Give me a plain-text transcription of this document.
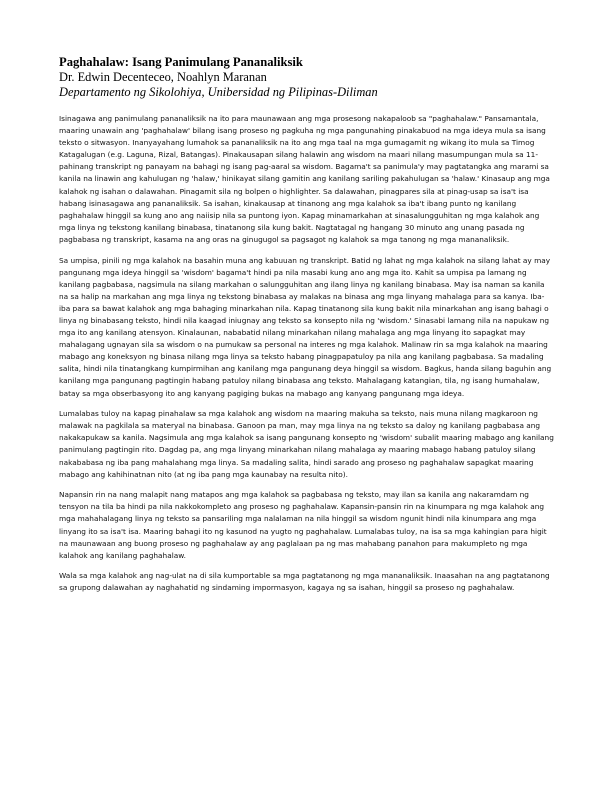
Paghahalaw: Isang Panimulang Pananaliksik

Dr. Edwin Decenteceo, Noahlyn Maranan

Departamento ng Sikolohiya, Unibersidad ng Pilipinas-Diliman

Isinagawa ang panimulang pananaliksik na ito para maunawaan ang mga prosesong nakapaloob sa "paghahalaw." Pansamantala, maaring unawain ang 'paghahalaw' bilang isang proseso ng pagkuha ng mga pangunahing pinakabuod na mga ideya mula sa isang teksto o sitwasyon. Inanyayahang lumahok sa pananaliksik na ito ang mga taal na mga gumagamit ng wikang ito mula sa Timog Katagalugan (e.g. Laguna, Rizal, Batangas). Pinakausapan silang halawin ang wisdom na maari nilang masumpungan mula sa 11-pahinang transkript ng panayam na bahagi ng isang pag-aaral sa wisdom. Bagama't sa panimula'y may pagtatangka ang marami sa kanila na linawin ang kahulugan ng 'halaw,' hinikayat silang gamitin ang kanilang sariling pakahulugan sa 'halaw.' Kinasaup ang mga kalahok ng isahan o dalawahan. Pinagamit sila ng bolpen o highlighter. Sa dalawahan, pinagpares sila at pinag-usap sa isa't isa habang isinasagawa ang pananaliksik. Sa isahan, kinakausap at tinanong ang mga kalahok sa iba't ibang punto ng kanilang paghahalaw hinggil sa kung ano ang naiisip nila sa puntong iyon. Kapag minamarkahan at sinasalungguhitan ng mga kalahok ang mga linya ng tekstong kanilang binabasa, tinatanong sila kung bakit. Nagtatagal ng hangang 30 minuto ang unang pasada ng pagbabasa ng transkript, kasama na ang oras na ginugugol sa pagsagot ng kalahok sa mga tanong ng mga mananaliksik.

Sa umpisa, pinili ng mga kalahok na basahin muna ang kabuuan ng transkript. Batid ng lahat ng mga kalahok na silang lahat ay may pangunang mga ideya hinggil sa 'wisdom' bagama't hindi pa nila masabi kung ano ang mga ito. Kahit sa umpisa pa lamang ng kanilang pagbabasa, nagsimula na silang markahan o salungguhitan ang ilang linya ng kanilang binabasa. May isa naman sa kanila na sa halip na markahan ang mga linya ng tekstong binabasa ay malakas na binasa ang mga linyang mahalaga para sa kanya. Iba-iba para sa bawat kalahok ang mga bahaging minarkahan nila. Kapag tinatanong sila kung bakit nila minarkahan ang isang bahagi o linya ng binabasang teksto, hindi nila kaagad iniugnay ang teksto sa konsepto nila ng 'wisdom.' Sinasabi lamang nila na napukaw ng mga ito ang kanilang atensyon. Kinalaunan, nababatid nilang minarkahan nilang mahalaga ang mga linyang ito sapagkat may mahalagang ugnayan sila sa wisdom o na pumukaw sa personal na interes ng mga kalahok. Malinaw rin sa mga kalahok na maaring mabago ang koneksyon ng binasa nilang mga linya sa teksto habang pinagpapatuloy pa nila ang kanilang pagbabasa. Sa madaling salita, hindi nila tinatangkang kumpirmihan ang kanilang mga pangunang deya hinggil sa wisdom. Bagkus, handa silang baguhin ang kanilang mga pangunang pagtingin habang patuloy nilang binabasa ang teksto. Mahalagang katangian, tila, ng isang humahalaw, batay sa mga obserbasyong ito ang kanyang pagiging bukas na mabago ang kanyang pangunang mga ideya.

Lumalabas tuloy na kapag pinahalaw sa mga kalahok ang wisdom na maaring makuha sa teksto, nais muna nilang magkaroon ng malawak na pagkilala sa materyal na binabasa. Ganoon pa man, may mga linya na ng teksto sa daloy ng kanilang pagbabasa ang nakakapukaw sa kanila. Nagsimula ang mga kalahok sa isang pangunang konsepto ng 'wisdom' subalit maaring mabago ang kanilang panimulang pagtingin rito. Dagdag pa, ang mga linyang minarkahan nilang mahalaga ay maaring mabago habang patuloy silang nakababasa ng iba pang mahalahang mga linya. Sa madaling salita, hindi sarado ang proseso ng paghahalaw sapagkat maaring mabago ang kahihinatnan nito (at ng iba pang mga kaunabay na resulta nito).

Napansin rin na nang malapit nang matapos ang mga kalahok sa pagbabasa ng teksto, may ilan sa kanila ang nakaramdam ng tensyon na tila ba hindi pa nila nakkokompleto ang proseso ng paghahalaw. Kapansin-pansin rin na kinumpara ng mga kalahok ang mga mahahalagang linya ng teksto sa pansariling mga nalalaman na nila hinggil sa wisdom ngunit hindi nila kinumpara ang mga linyang ito sa isa't isa. Maaring bahagi ito ng kasunod na yugto ng paghahalaw. Lumalabas tuloy, na isa sa mga kahingian para higit na maunawaan ang buong proseso ng paghahalaw ay ang paglalaan pa ng mas mahabang panahon para makumpleto ng mga kalahok ang kanilang paghahalaw.

Wala sa mga kalahok ang nag-ulat na di sila kumportable sa mga pagtatanong ng mga mananaliksik. Inaasahan na ang pagtatanong sa grupong dalawahan ay naghahatid ng sindaming impormasyon, kagaya ng sa isahan, hinggil sa proseso ng paghahalaw.
